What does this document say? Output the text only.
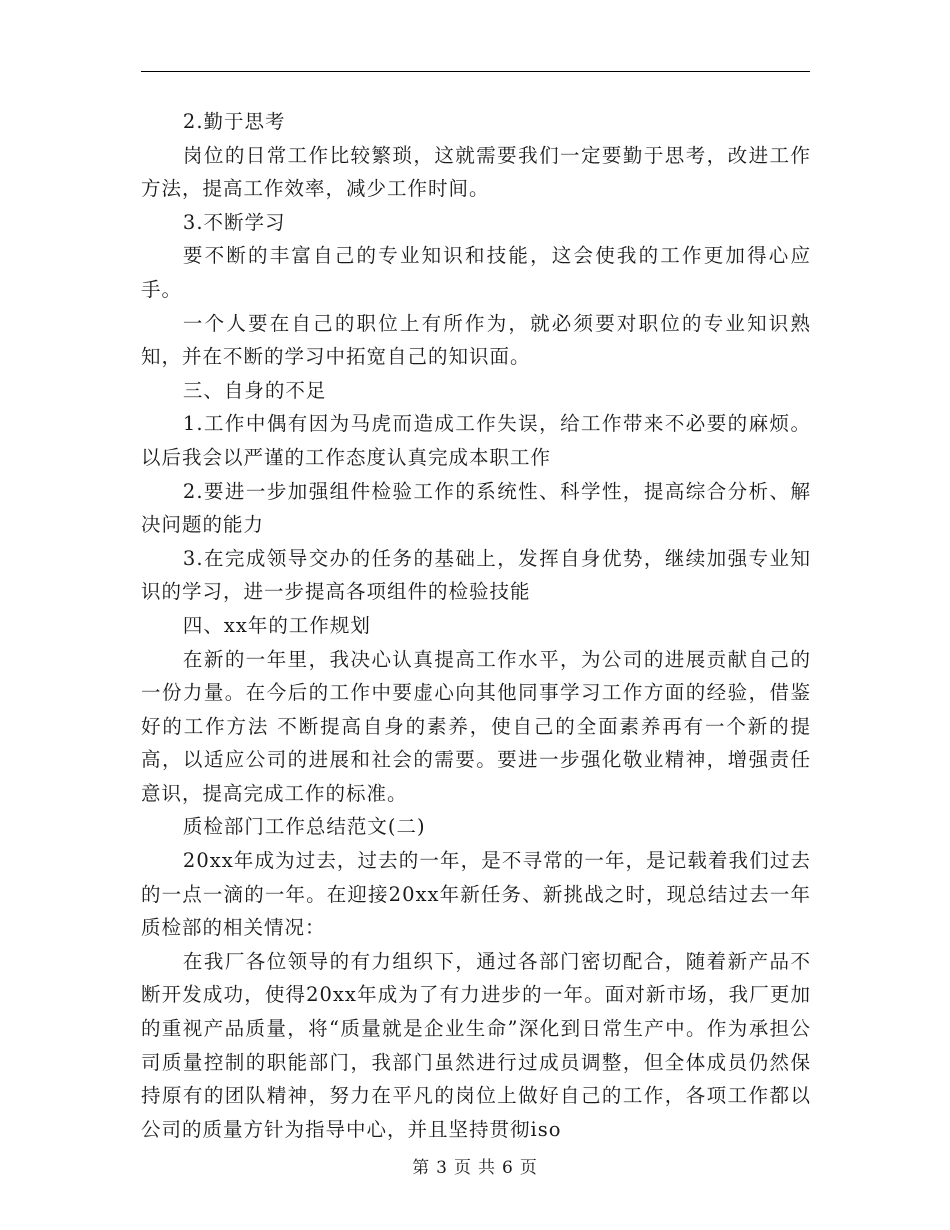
2.勤于思考

岗位的日常工作比较繁琐，这就需要我们一定要勤于思考，改进工作方法，提高工作效率，减少工作时间。

3.不断学习

要不断的丰富自己的专业知识和技能，这会使我的工作更加得心应手。

一个人要在自己的职位上有所作为，就必须要对职位的专业知识熟知，并在不断的学习中拓宽自己的知识面。

三、自身的不足

1.工作中偶有因为马虎而造成工作失误，给工作带来不必要的麻烦。以后我会以严谨的工作态度认真完成本职工作

2.要进一步加强组件检验工作的系统性、科学性，提高综合分析、解决问题的能力

3.在完成领导交办的任务的基础上，发挥自身优势，继续加强专业知识的学习，进一步提高各项组件的检验技能

四、xx年的工作规划

在新的一年里，我决心认真提高工作水平，为公司的进展贡献自己的一份力量。在今后的工作中要虚心向其他同事学习工作方面的经验，借鉴好的工作方法 不断提高自身的素养，使自己的全面素养再有一个新的提高，以适应公司的进展和社会的需要。要进一步强化敬业精神，增强责任意识，提高完成工作的标准。

质检部门工作总结范文(二)

20xx年成为过去，过去的一年，是不寻常的一年，是记载着我们过去的一点一滴的一年。在迎接20xx年新任务、新挑战之时，现总结过去一年质检部的相关情况：

在我厂各位领导的有力组织下，通过各部门密切配合，随着新产品不断开发成功，使得20xx年成为了有力进步的一年。面对新市场，我厂更加的重视产品质量，将“质量就是企业生命”深化到日常生产中。作为承担公司质量控制的职能部门，我部门虽然进行过成员调整，但全体成员仍然保持原有的团队精神，努力在平凡的岗位上做好自己的工作，各项工作都以公司的质量方针为指导中心，并且坚持贯彻iso

第 3 页 共 6 页
